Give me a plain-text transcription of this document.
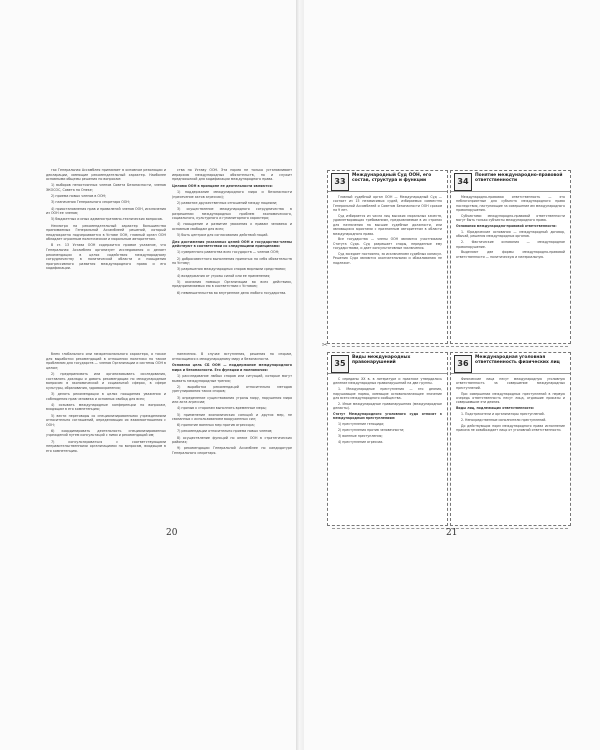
гах Генеральная Ассамблея принимает в основном резолюции и декларации, имеющие рекомендательный характер. Наиболее основными общемы решения по вопросам:

1) выборов непостоянных членов Совета Безопасности, членов ЭКОСОС, Совета по Опеке;

2) приема новых членов в ООН;

3) назначения Генерального секретаря ООН;

4) приостановления прав и привилегий членов ООН, исключения из ООН ее членов;

5) бюджетных и иных административно-технических вопросов.

Несмотря на рекомендательный характер большинства принимаемых Генеральной Ассамблеей решений, который неоднократно подчеркивается в Уставе ООН, главный орган ООН обладает огромным политическим и моральным авторитетом.

В ст. 13 Устава ООН содержится прямое указание, что Генеральная Ассамблея организует исследования и делает рекомендации в целях содействия международному сотрудничеству в политической области и поощрения прогрессивного развития международного права и его кодификации.

ства по Уставу ООН. Эта норма не только устанавливает иерархию международных обязательств, но и служит предпосылкой для кодификации международного права.

Целями ООН в принципе ее деятельности являются:

1) поддержание международного мира и безопасности (пресечение актов агрессии);

2) развитие дружественных отношений между нациями;

3) осуществление международного сотрудничества в разрешении международных проблем экономического, социального, культурного и гуманитарного характера;

4) поощрение и развитие уважения к правам человека и основным свободам для всех;

5) быть центром для согласования действий наций.

Для достижения указанных целей ООН и государства-члены действуют в соответствии со следующими принципами:

1) суверенного равенства всех государств — членов ООН;

2) добросовестного выполнения принятых на себя обязательств по Уставу;

3) разрешения международных споров мирными средствами;

4) воздержания от угрозы силой или ее применения;

5) оказания помощи Организации во всех действиях, предпринимаемых ею в соответствии с Уставом;

6) невмешательства во внутренние дела любого государства.

блем глобального или межрегионального характера, а также для выработки рекомендаций в отношении политики по таким проблемам для государств — членов Организации и системы ООН в целом;

2) предпринимать или организовывать исследования, составлять доклады и давать рекомендации по международным вопросам в экономической и социальной сферах, в сфере культуры, образования, здравоохранения;

3) делать рекомендации в целях поощрения уважения и соблюдения прав человека и основных свобод для всех;

4) созывать международные конференции по вопросам, входящим в его компетенцию;

5) вести переговоры со специализированными учреждениями относительно соглашений, определяющих их взаимоотношения с ООН;

6) координировать деятельность специализированных учреждений путем консультаций с ними и рекомендаций им;

7) консультироваться с соответствующими неправительственными организациями по вопросам, входящим в его компетенцию.

нанесения. В случае вступления, решения по спорам, относящимся к международному миру и безопасности.

Основная цель СБ ООН — поддержание международного мира и безопасности. Его функции и полномочия:

1) расследование любых споров или ситуаций, которые могут вызвать международные трения;

2) выработка рекомендаций относительно методов урегулирования таких споров;

3) определение существования угрозы миру, нарушения мира или акта агрессии;

4) призыв к сторонам выполнять временные меры;

5) применение экономических санкций и других мер, не связанных с использованием вооруженных сил;

6) принятие военных мер против агрессора;

7) рекомендации относительно приема новых членов;

8) осуществление функций по опеке ООН в стратегических районах;

9) рекомендации Генеральной Ассамблее по кандидатуре Генерального секретаря.

20
33
Международный Суд ООН, его состав, структура и функции

Главный судебный орган ООН — Международный Суд — состоит из 15 независимых судей, избираемых совместно Генеральной Ассамблеей и Советом Безопасности ООН сроком на 9 лет.

Суд избирается из числа лиц высоких моральных качеств, удовлетворяющих требованиям, предъявляемым в их странах для назначения на высшие судебные должности, или являющихся юристами с признанным авторитетом в области международного права.

Все государства — члены ООН являются участниками Статута Суда. Суд разрешает споры, переданные ему государствами, и дает консультативные заключения.

Суд заседает постоянно, за исключением судебных каникул. Решения Суда являются окончательными и обжалованию не подлежат.

34
Понятие международно-правовой ответственности

Международно-правовая ответственность — это неблагоприятные для субъекта международного права последствия, наступающие за совершение им международного правонарушения.

Субъектами международно-правовой ответственности могут быть только субъекты международного права.

Основания международно-правовой ответственности:

1. Юридические основания — международный договор, обычай, решения международных органов.

2. Фактические основания — международное правонарушение.

Выделяют две формы международно-правовой ответственности — политическую и материальную.

✂
35
Виды международных правонарушений

С середины XX в. в литературе и практике утвердилось деление международных правонарушений на две группы.

1. Международные преступления — это деяния, нарушающие нормы, имеющие основополагающее значение для всего международного сообщества.

2. Иные международные правонарушения (международные деликты).

Статут Международного уголовного суда относит к международным преступлениям:

1) преступление геноцида;

2) преступления против человечности;

3) военные преступления;

4) преступление агрессии.

36
Международная уголовная ответственность физических лиц

Физические лица несут международную уголовную ответственность за совершение международных преступлений.

При совершении международных преступлений в первую очередь ответственность несут лица, отдавшие приказы и совершившие эти деяния.

Виды лиц, подлежащих ответственности:

1. Подстрекатели и организаторы преступлений.

2. Непосредственные исполнители преступлений.

До действующих норм международного права исполнение приказа не освобождает лицо от уголовной ответственности.

21
